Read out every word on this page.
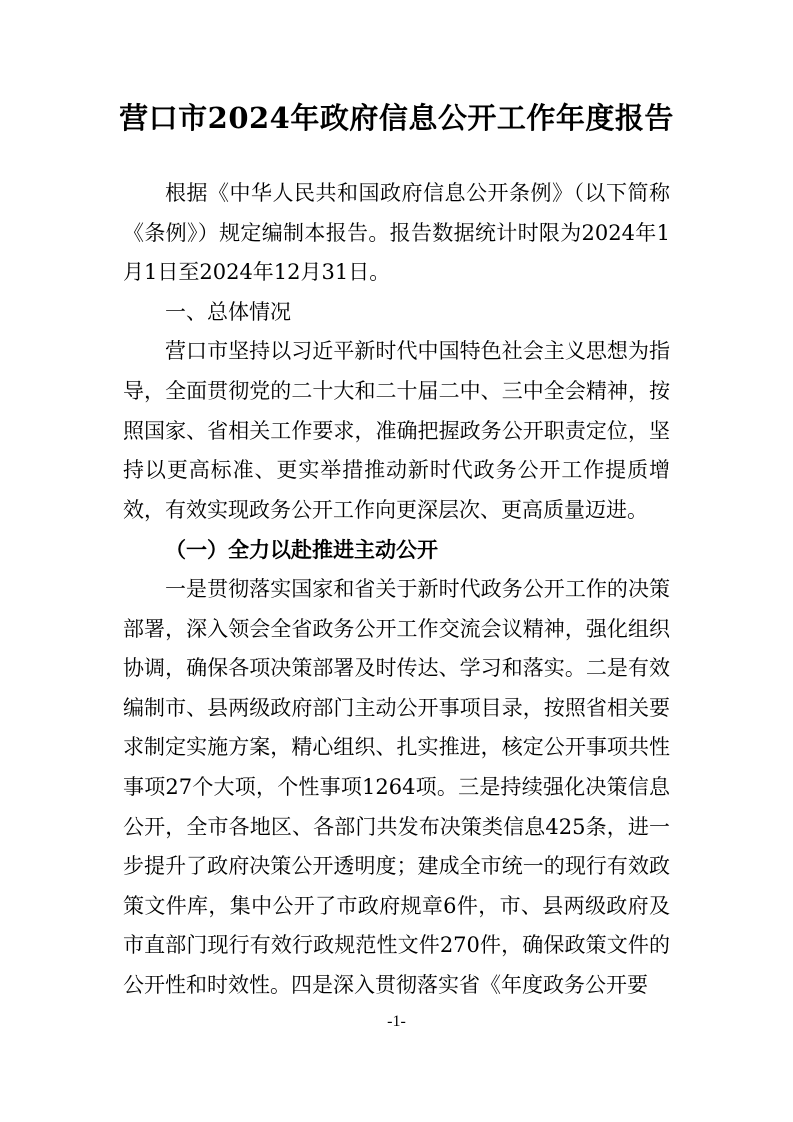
营口市2024年政府信息公开工作年度报告

根据《中华人民共和国政府信息公开条例》（以下简称《条例》）规定编制本报告。报告数据统计时限为2024年1月1日至2024年12月31日。

一、总体情况

营口市坚持以习近平新时代中国特色社会主义思想为指导，全面贯彻党的二十大和二十届二中、三中全会精神，按照国家、省相关工作要求，准确把握政务公开职责定位，坚持以更高标准、更实举措推动新时代政务公开工作提质增效，有效实现政务公开工作向更深层次、更高质量迈进。

（一）全力以赴推进主动公开

一是贯彻落实国家和省关于新时代政务公开工作的决策部署，深入领会全省政务公开工作交流会议精神，强化组织协调，确保各项决策部署及时传达、学习和落实。二是有效编制市、县两级政府部门主动公开事项目录，按照省相关要求制定实施方案，精心组织、扎实推进，核定公开事项共性事项27个大项，个性事项1264项。三是持续强化决策信息公开，全市各地区、各部门共发布决策类信息425条，进一步提升了政府决策公开透明度；建成全市统一的现行有效政策文件库，集中公开了市政府规章6件，市、县两级政府及市直部门现行有效行政规范性文件270件，确保政策文件的公开性和时效性。四是深入贯彻落实省《年度政务公开要

-1-
